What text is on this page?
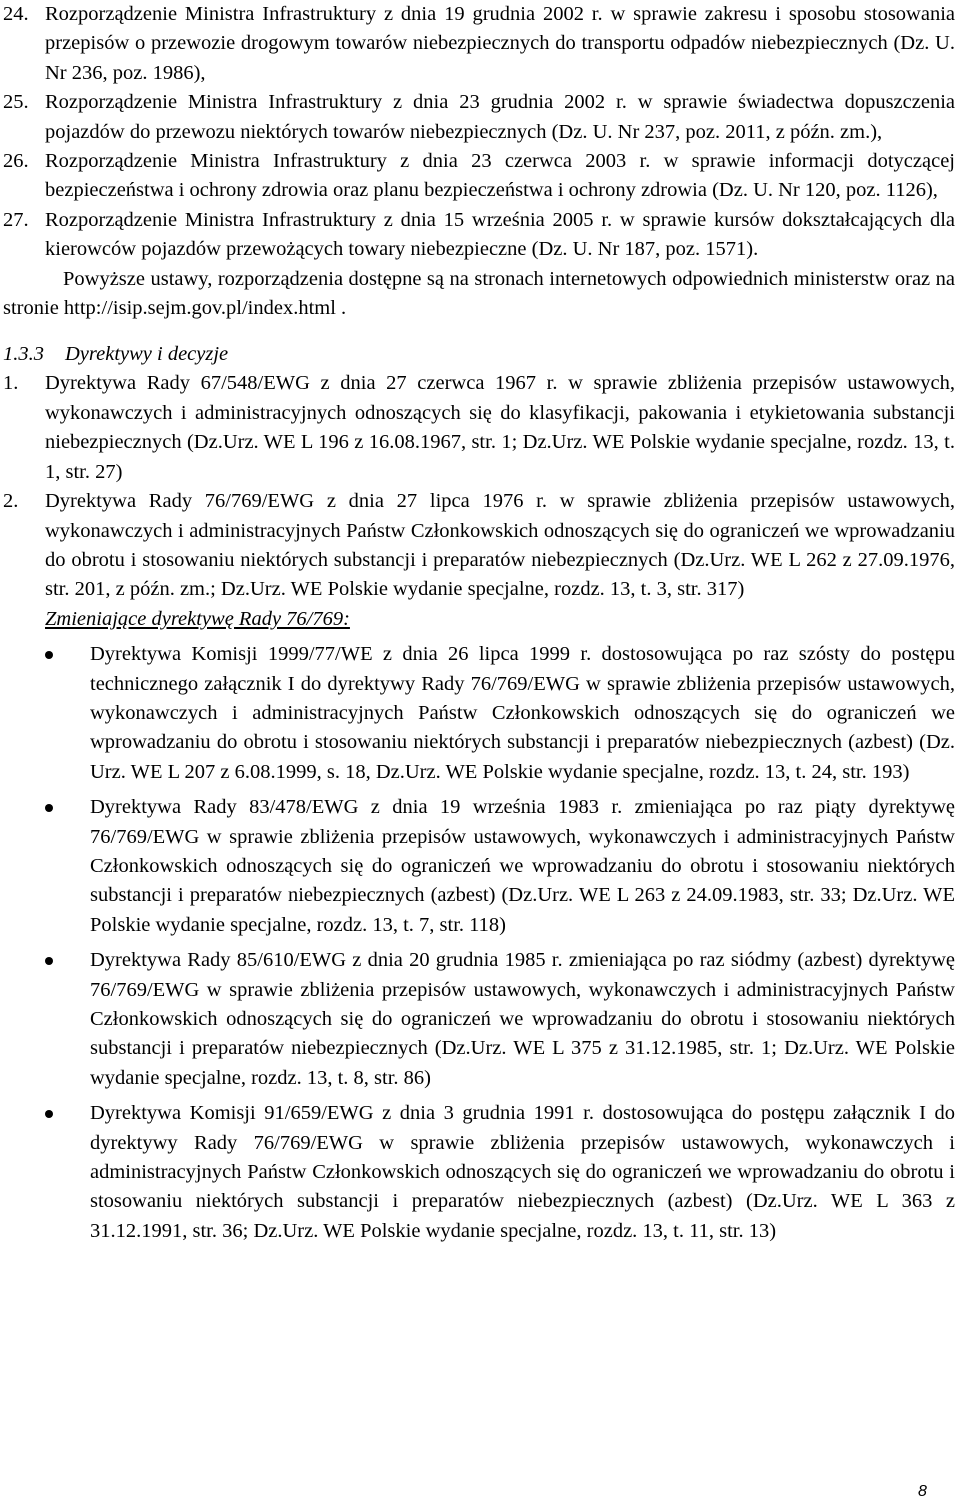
24. Rozporządzenie Ministra Infrastruktury z dnia 19 grudnia 2002 r. w sprawie zakresu i sposobu stosowania przepisów o przewozie drogowym towarów niebezpiecznych do transportu odpadów niebezpiecznych (Dz. U. Nr 236, poz. 1986),
25. Rozporządzenie Ministra Infrastruktury z dnia 23 grudnia 2002 r. w sprawie świadectwa dopuszczenia pojazdów do przewozu niektórych towarów niebezpiecznych (Dz. U. Nr 237, poz. 2011, z późn. zm.),
26. Rozporządzenie Ministra Infrastruktury z dnia 23 czerwca 2003 r. w sprawie informacji dotyczącej bezpieczeństwa i ochrony zdrowia oraz planu bezpieczeństwa i ochrony zdrowia (Dz. U. Nr 120, poz. 1126),
27. Rozporządzenie Ministra Infrastruktury z dnia 15 września 2005 r. w sprawie kursów dokształcających dla kierowców pojazdów przewożących towary niebezpieczne (Dz. U. Nr 187, poz. 1571).
Powyższe ustawy, rozporządzenia dostępne są na stronach internetowych odpowiednich ministerstw oraz na stronie http://isip.sejm.gov.pl/index.html .
1.3.3 Dyrektywy i decyzje
1. Dyrektywa Rady 67/548/EWG z dnia 27 czerwca 1967 r. w sprawie zbliżenia przepisów ustawowych, wykonawczych i administracyjnych odnoszących się do klasyfikacji, pakowania i etykietowania substancji niebezpiecznych (Dz.Urz. WE L 196 z 16.08.1967, str. 1; Dz.Urz. WE Polskie wydanie specjalne, rozdz. 13, t. 1, str. 27)
2. Dyrektywa Rady 76/769/EWG z dnia 27 lipca 1976 r. w sprawie zbliżenia przepisów ustawowych, wykonawczych i administracyjnych Państw Członkowskich odnoszących się do ograniczeń we wprowadzaniu do obrotu i stosowaniu niektórych substancji i preparatów niebezpiecznych (Dz.Urz. WE L 262 z 27.09.1976, str. 201, z późn. zm.; Dz.Urz. WE Polskie wydanie specjalne, rozdz. 13, t. 3, str. 317)
Zmieniające dyrektywę Rady 76/769:
Dyrektywa Komisji 1999/77/WE z dnia 26 lipca 1999 r. dostosowująca po raz szósty do postępu technicznego załącznik I do dyrektywy Rady 76/769/EWG w sprawie zbliżenia przepisów ustawowych, wykonawczych i administracyjnych Państw Członkowskich odnoszących się do ograniczeń we wprowadzaniu do obrotu i stosowaniu niektórych substancji i preparatów niebezpiecznych (azbest) (Dz. Urz. WE L 207 z 6.08.1999, s. 18, Dz.Urz. WE Polskie wydanie specjalne, rozdz. 13, t. 24, str. 193)
Dyrektywa Rady 83/478/EWG z dnia 19 września 1983 r. zmieniająca po raz piąty dyrektywę 76/769/EWG w sprawie zbliżenia przepisów ustawowych, wykonawczych i administracyjnych Państw Członkowskich odnoszących się do ograniczeń we wprowadzaniu do obrotu i stosowaniu niektórych substancji i preparatów niebezpiecznych (azbest) (Dz.Urz. WE L 263 z 24.09.1983, str. 33; Dz.Urz. WE Polskie wydanie specjalne, rozdz. 13, t. 7, str. 118)
Dyrektywa Rady 85/610/EWG z dnia 20 grudnia 1985 r. zmieniająca po raz siódmy (azbest) dyrektywę 76/769/EWG w sprawie zbliżenia przepisów ustawowych, wykonawczych i administracyjnych Państw Członkowskich odnoszących się do ograniczeń we wprowadzaniu do obrotu i stosowaniu niektórych substancji i preparatów niebezpiecznych (Dz.Urz. WE L 375 z 31.12.1985, str. 1; Dz.Urz. WE Polskie wydanie specjalne, rozdz. 13, t. 8, str. 86)
Dyrektywa Komisji 91/659/EWG z dnia 3 grudnia 1991 r. dostosowująca do postępu załącznik I do dyrektywy Rady 76/769/EWG w sprawie zbliżenia przepisów ustawowych, wykonawczych i administracyjnych Państw Członkowskich odnoszących się do ograniczeń we wprowadzaniu do obrotu i stosowaniu niektórych substancji i preparatów niebezpiecznych (azbest) (Dz.Urz. WE L 363 z 31.12.1991, str. 36; Dz.Urz. WE Polskie wydanie specjalne, rozdz. 13, t. 11, str. 13)
8
